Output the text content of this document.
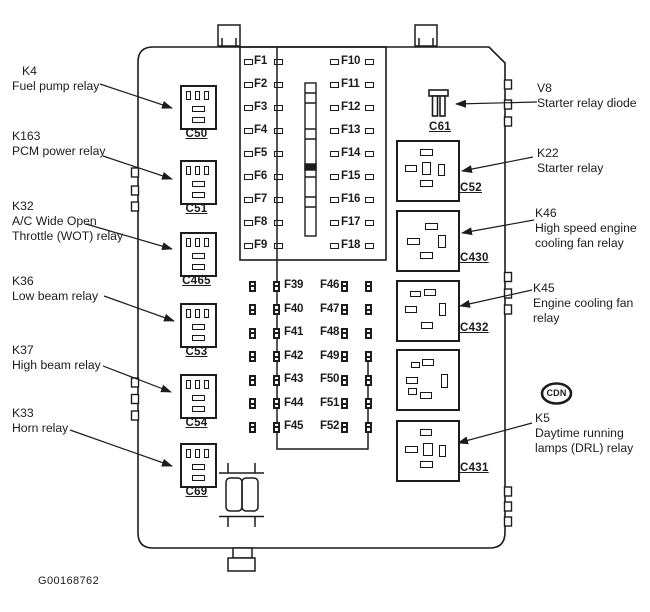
G00168762
CDN
K4
Fuel pump relay
K163
PCM power relay
K32
A/C Wide Open
Throttle (WOT) relay
K36
Low beam relay
K37
High beam relay
K33
Horn relay
V8
Starter relay diode
K22
Starter relay
K46
High speed engine
cooling fan relay
K45
Engine cooling fan
relay
K5
Daytime running
lamps (DRL) relay
C50
C51
C465
C53
C54
C69
C52
C430
C432
C431
C61
F1	F10
F2	F11
F3	F12
F4	F13
F5	F14
F6	F15
F7	F16
F8	F17
F9	F18
F39 F46
F40 F47
F41 F48
F42 F49
F43 F50
F44 F51
F45 F52
